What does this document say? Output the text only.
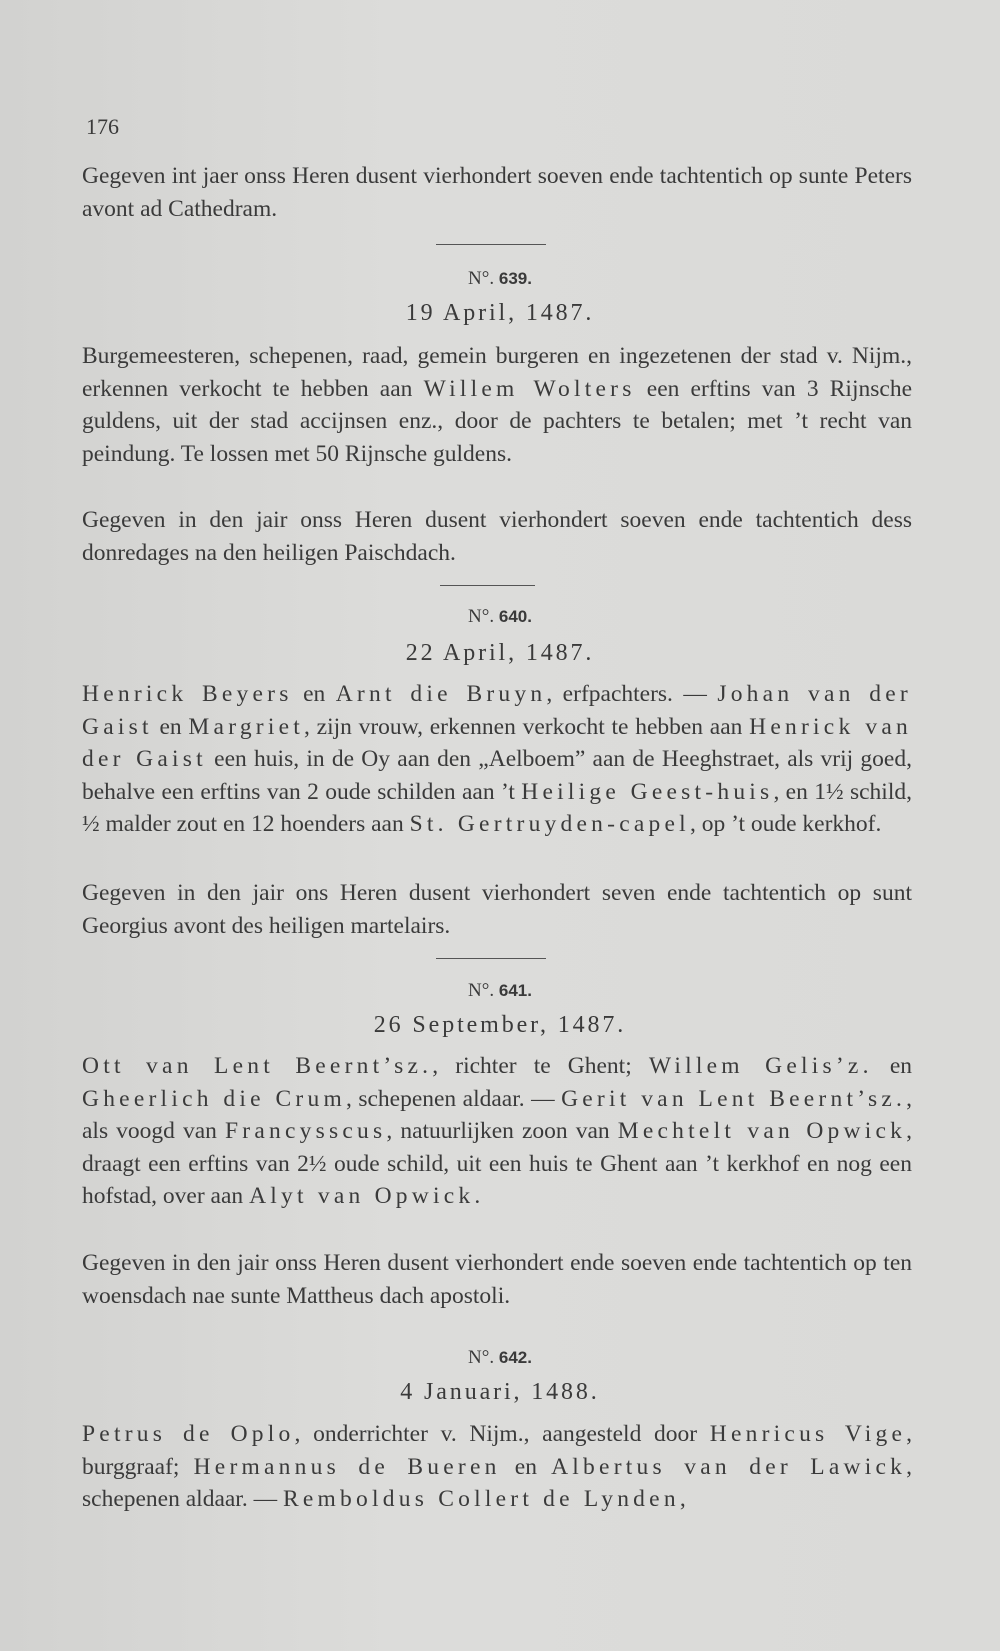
176

Gegeven int jaer onss Heren dusent vierhondert soeven ende tachtentich op sunte Peters avont ad Cathedram.

N°. 639.
19 April, 1487.

Burgemeesteren, schepenen, raad, gemein burgeren en ingezetenen der stad v. Nijm., erkennen verkocht te hebben aan Willem Wolters een erftins van 3 Rijnsche guldens, uit der stad accijnsen enz., door de pachters te betalen; met ’t recht van peindung. Te lossen met 50 Rijnsche guldens.

Gegeven in den jair onss Heren dusent vierhondert soeven ende tachtentich dess donredages na den heiligen Paischdach.

N°. 640.
22 April, 1487.

Henrick Beyers en Arnt die Bruyn, erfpachters. — Johan van der Gaist en Margriet, zijn vrouw, erkennen verkocht te hebben aan Henrick van der Gaist een huis, in de Oy aan den „Aelboem” aan de Heeghstraet, als vrij goed, behalve een erftins van 2 oude schilden aan ’t Heilige Geest-huis, en 1½ schild, ½ malder zout en 12 hoenders aan St. Gertruyden-capel, op ’t oude kerkhof.

Gegeven in den jair ons Heren dusent vierhondert seven ende tachtentich op sunt Georgius avont des heiligen martelairs.

N°. 641.
26 September, 1487.

Ott van Lent Beernt’sz., richter te Ghent; Willem Gelis’z. en Gheerlich die Crum, schepenen aldaar. — Gerit van Lent Beernt’sz., als voogd van Francysscus, natuurlijken zoon van Mechtelt van Opwick, draagt een erftins van 2½ oude schild, uit een huis te Ghent aan ’t kerkhof en nog een hofstad, over aan Alyt van Opwick.

Gegeven in den jair onss Heren dusent vierhondert ende soeven ende tachtentich op ten woensdach nae sunte Mattheus dach apostoli.

N°. 642.
4 Januari, 1488.

Petrus de Oplo, onderrichter v. Nijm., aangesteld door Henricus Vige, burggraaf; Hermannus de Bueren en Albertus van der Lawick, schepenen aldaar. — Remboldus Collert de Lynden,
